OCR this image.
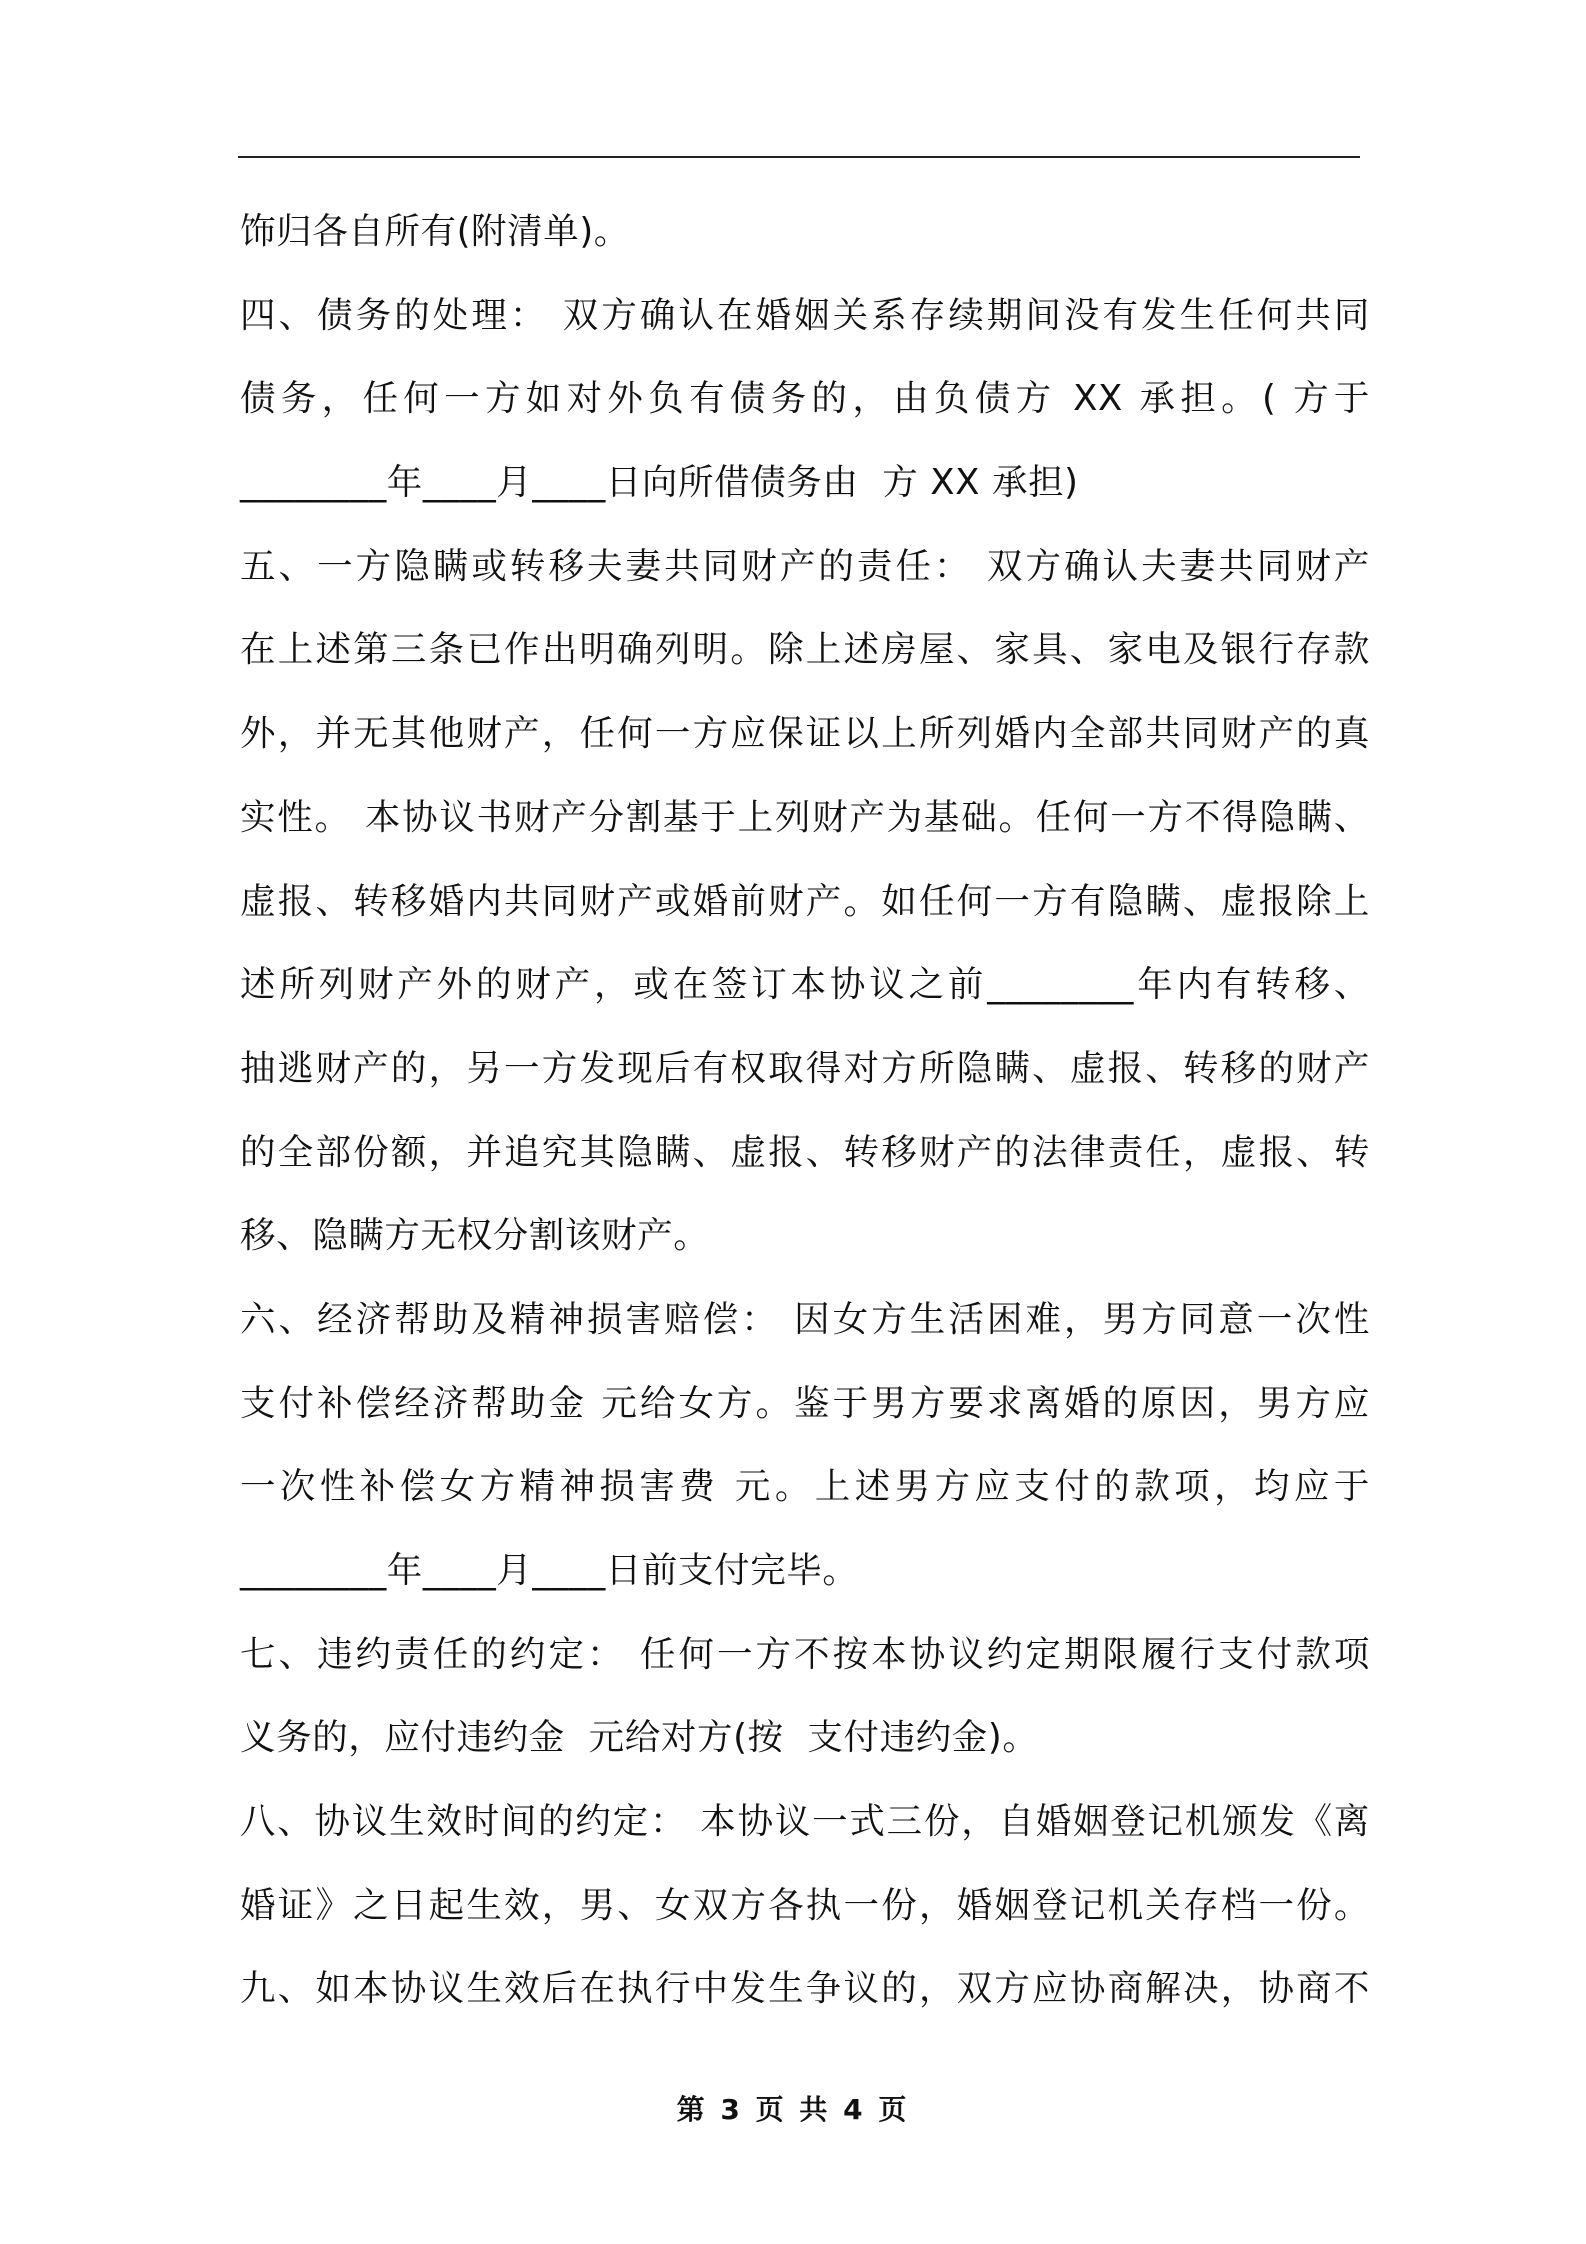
饰归各自所有(附清单)。
四、债务的处理： 双方确认在婚姻关系存续期间没有发生任何共同
债务，任何一方如对外负有债务的，由负债方 XX 承担。( 方于
________年____月____日向所借债务由  方 XX 承担)
五、一方隐瞒或转移夫妻共同财产的责任： 双方确认夫妻共同财产
在上述第三条已作出明确列明。除上述房屋、家具、家电及银行存款
外，并无其他财产，任何一方应保证以上所列婚内全部共同财产的真
实性。 本协议书财产分割基于上列财产为基础。任何一方不得隐瞒、
虚报、转移婚内共同财产或婚前财产。如任何一方有隐瞒、虚报除上
述所列财产外的财产，或在签订本协议之前________年内有转移、
抽逃财产的，另一方发现后有权取得对方所隐瞒、虚报、转移的财产
的全部份额，并追究其隐瞒、虚报、转移财产的法律责任，虚报、转
移、隐瞒方无权分割该财产。
六、经济帮助及精神损害赔偿： 因女方生活困难，男方同意一次性
支付补偿经济帮助金 元给女方。鉴于男方要求离婚的原因，男方应
一次性补偿女方精神损害费 元。上述男方应支付的款项，均应于
________年____月____日前支付完毕。
七、违约责任的约定： 任何一方不按本协议约定期限履行支付款项
义务的，应付违约金  元给对方(按  支付违约金)。
八、协议生效时间的约定： 本协议一式三份，自婚姻登记机颁发《离
婚证》之日起生效，男、女双方各执一份，婚姻登记机关存档一份。
九、如本协议生效后在执行中发生争议的，双方应协商解决，协商不
第 3 页 共 4 页
